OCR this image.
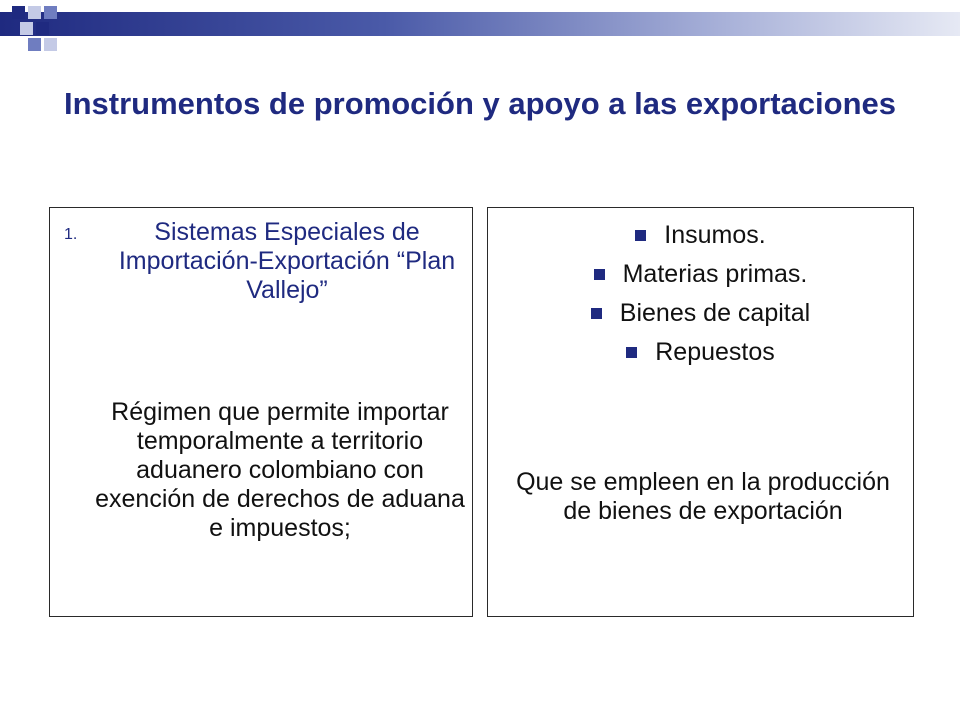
Instrumentos de promoción y apoyo a las exportaciones
1.	Sistemas Especiales de Importación-Exportación “Plan Vallejo”
Régimen que permite importar temporalmente a territorio aduanero colombiano con exención de derechos de aduana e impuestos;
Insumos.
Materias primas.
Bienes de capital
Repuestos
Que se empleen en la producción de bienes de exportación
